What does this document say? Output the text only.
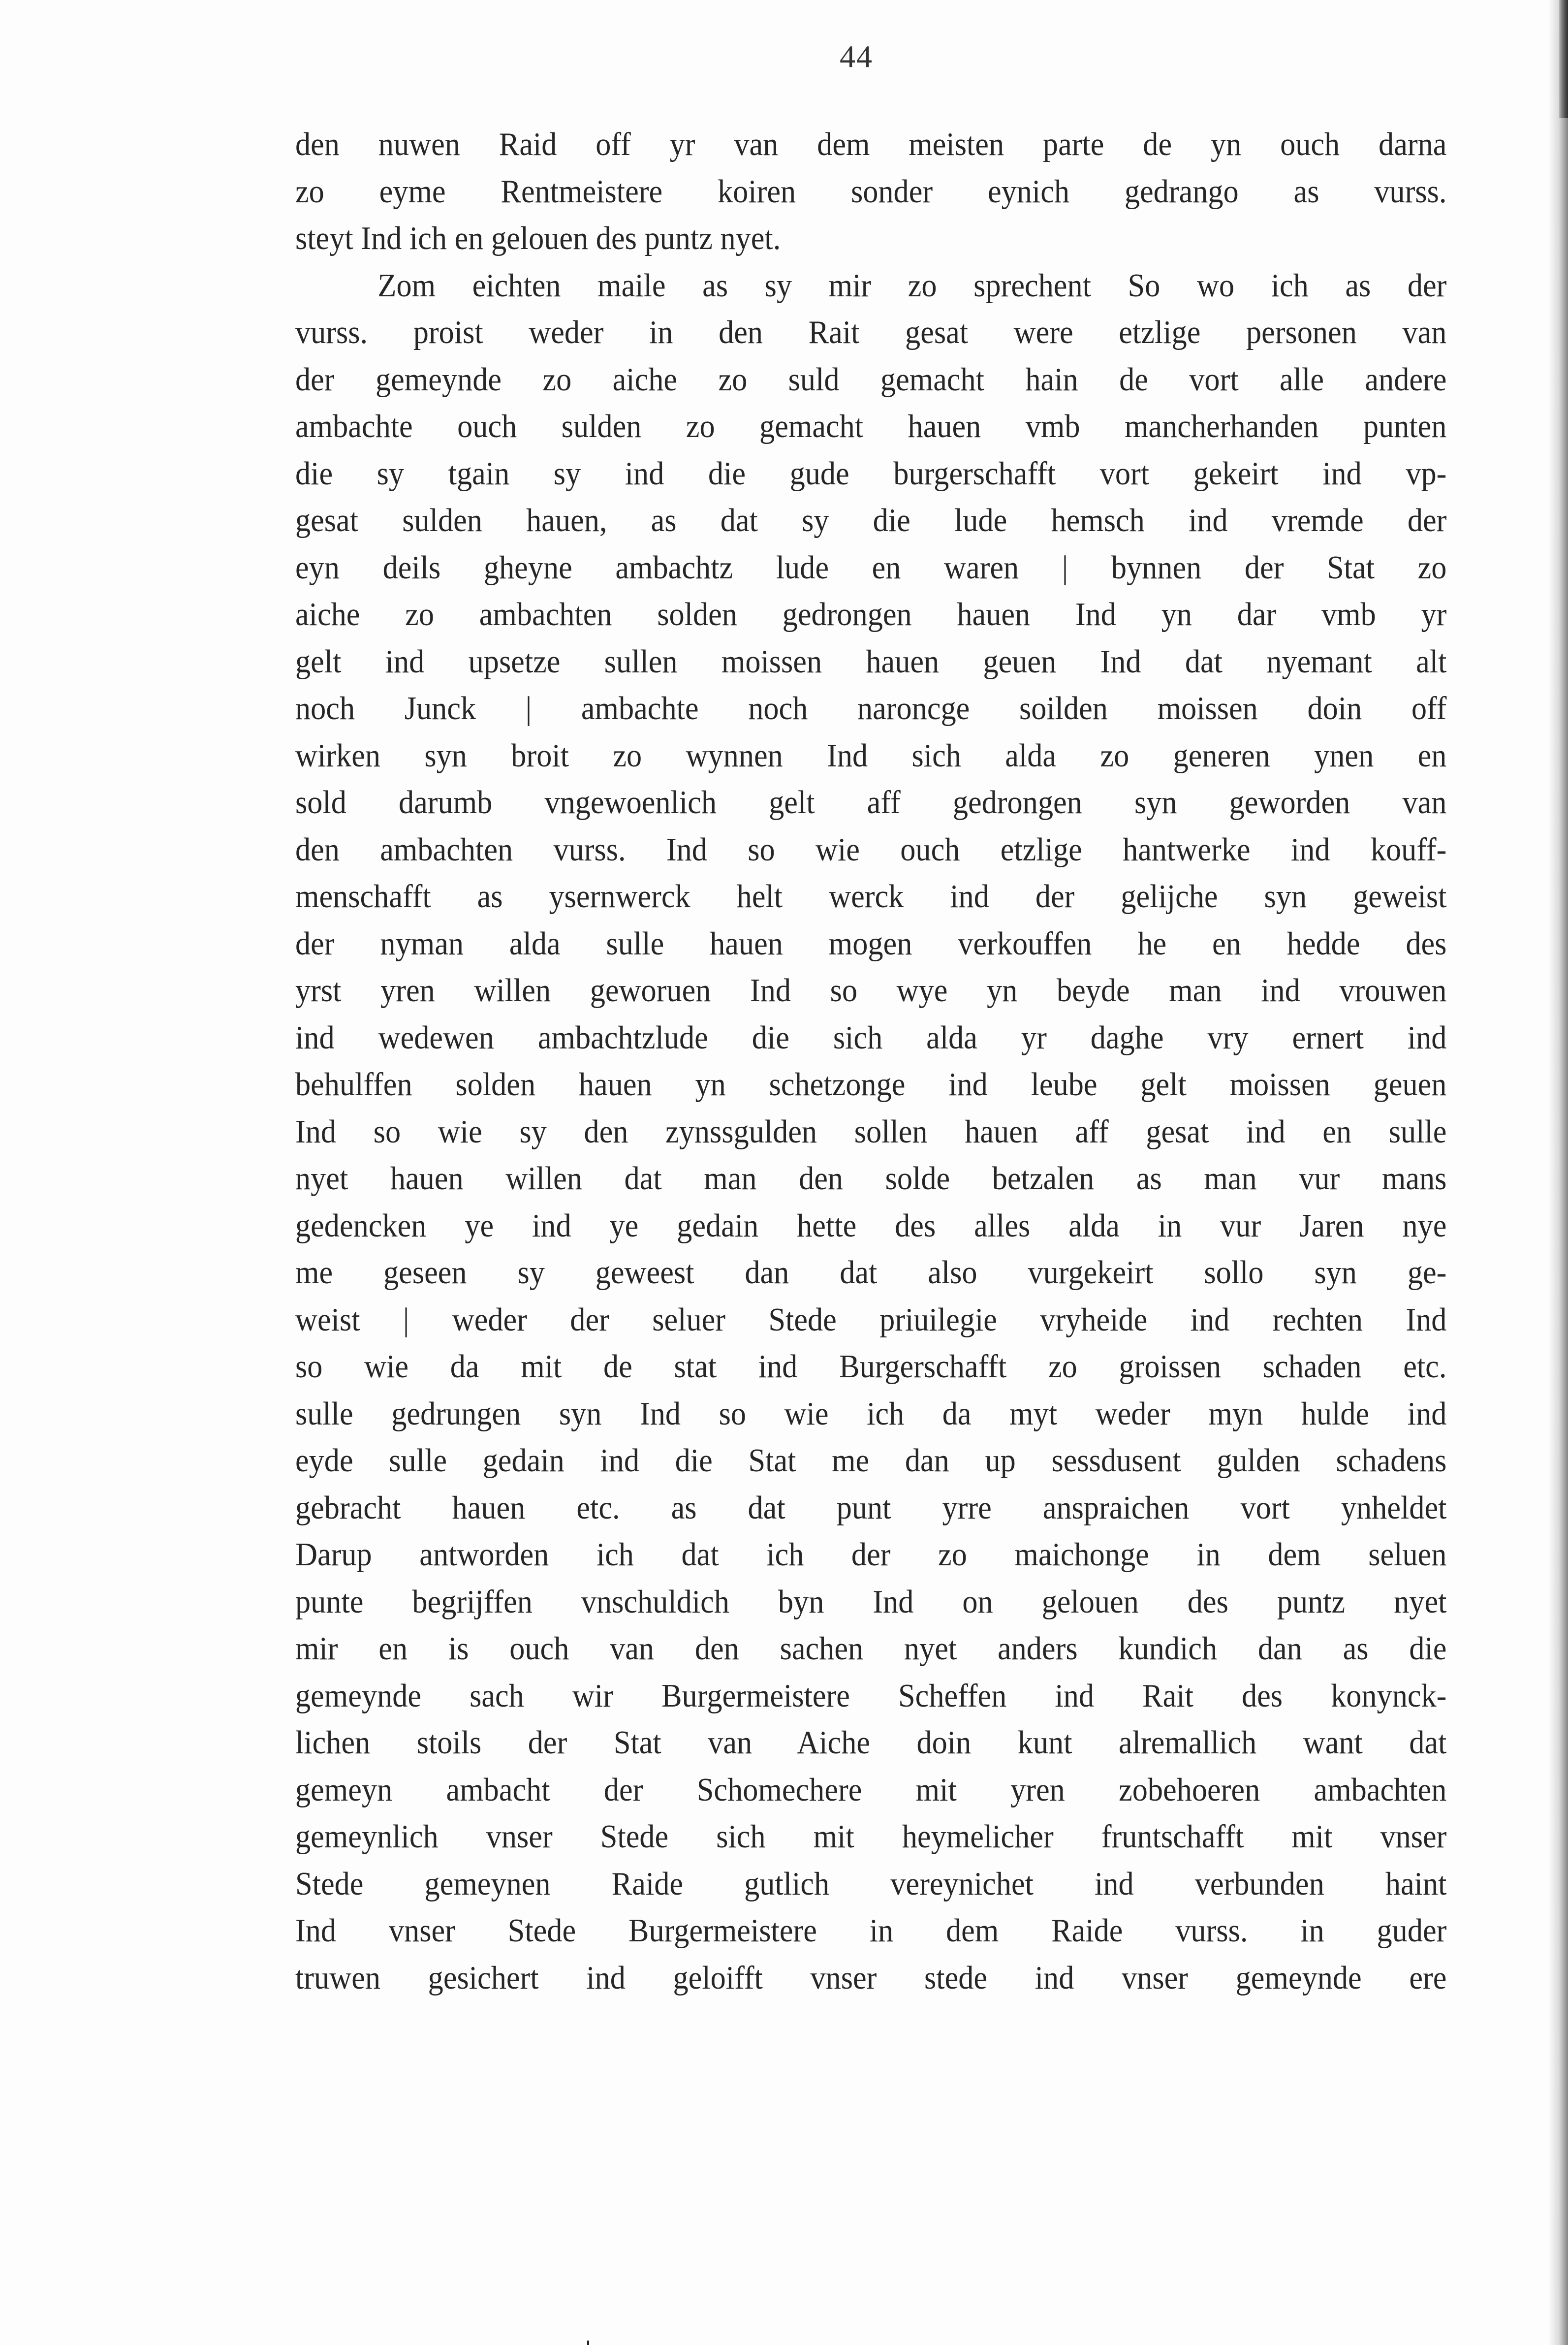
44
den nuwen Raid off yr van dem meisten parte de yn ouch darna
zo eyme Rentmeistere koiren sonder eynich gedrango as vurss.
steyt Ind ich en gelouen des puntz nyet.
Zom eichten maile as sy mir zo sprechent So wo ich as der
vurss. proist weder in den Rait gesat were etzlige personen van
der gemeynde zo aiche zo suld gemacht hain de vort alle andere
ambachte ouch sulden zo gemacht hauen vmb mancherhanden punten
die sy tgain sy ind die gude burgerschafft vort gekeirt ind vp-
gesat sulden hauen, as dat sy die lude hemsch ind vremde der
eyn deils gheyne ambachtz lude en waren | bynnen der Stat zo
aiche zo ambachten solden gedrongen hauen Ind yn dar vmb yr
gelt ind upsetze sullen moissen hauen geuen Ind dat nyemant alt
noch Junck | ambachte noch naroncge soilden moissen doin off
wirken syn broit zo wynnen Ind sich alda zo generen ynen en
sold darumb vngewoenlich gelt aff gedrongen syn geworden van
den ambachten vurss. Ind so wie ouch etzlige hantwerke ind kouff-
menschafft as ysernwerck helt werck ind der gelijche syn geweist
der nyman alda sulle hauen mogen verkouffen he en hedde des
yrst yren willen geworuen Ind so wye yn beyde man ind vrouwen
ind wedewen ambachtzlude die sich alda yr daghe vry ernert ind
behulffen solden hauen yn schetzonge ind leube gelt moissen geuen
Ind so wie sy den zynssgulden sollen hauen aff gesat ind en sulle
nyet hauen willen dat man den solde betzalen as man vur mans
gedencken ye ind ye gedain hette des alles alda in vur Jaren nye
me geseen sy geweest dan dat also vurgekeirt sollo syn ge-
weist | weder der seluer Stede priuilegie vryheide ind rechten Ind
so wie da mit de stat ind Burgerschafft zo groissen schaden etc.
sulle gedrungen syn Ind so wie ich da myt weder myn hulde ind
eyde sulle gedain ind die Stat me dan up sessdusent gulden schadens
gebracht hauen etc. as dat punt yrre anspraichen vort ynheldet
Darup antworden ich dat ich der zo maichonge in dem seluen
punte begrijffen vnschuldich byn Ind on gelouen des puntz nyet
mir en is ouch van den sachen nyet anders kundich dan as die
gemeynde sach wir Burgermeistere Scheffen ind Rait des konynck-
lichen stoils der Stat van Aiche doin kunt alremallich want dat
gemeyn ambacht der Schomechere mit yren zobehoeren ambachten
gemeynlich vnser Stede sich mit heymelicher fruntschafft mit vnser
Stede gemeynen Raide gutlich vereynichet ind verbunden haint
Ind vnser Stede Burgermeistere in dem Raide vurss. in guder
truwen gesichert ind geloifft vnser stede ind vnser gemeynde ere
